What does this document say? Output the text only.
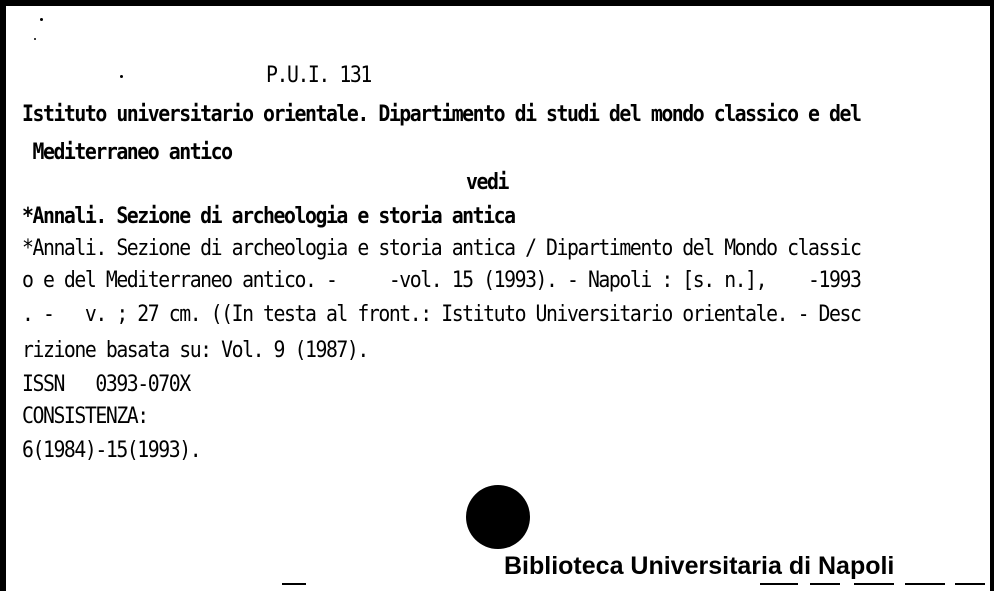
P.U.I. 131
Istituto universitario orientale. Dipartimento di studi del mondo classico e del
Mediterraneo antico
vedi
*Annali. Sezione di archeologia e storia antica
*Annali. Sezione di archeologia e storia antica / Dipartimento del Mondo classic
o e del Mediterraneo antico. -     -vol. 15 (1993). - Napoli : [s. n.],    -1993
. -   v. ; 27 cm. ((In testa al front.: Istituto Universitario orientale. - Desc
rizione basata su: Vol. 9 (1987).
ISSN   0393-070X
CONSISTENZA:
6(1984)-15(1993).
Biblioteca Universitaria di Napoli
